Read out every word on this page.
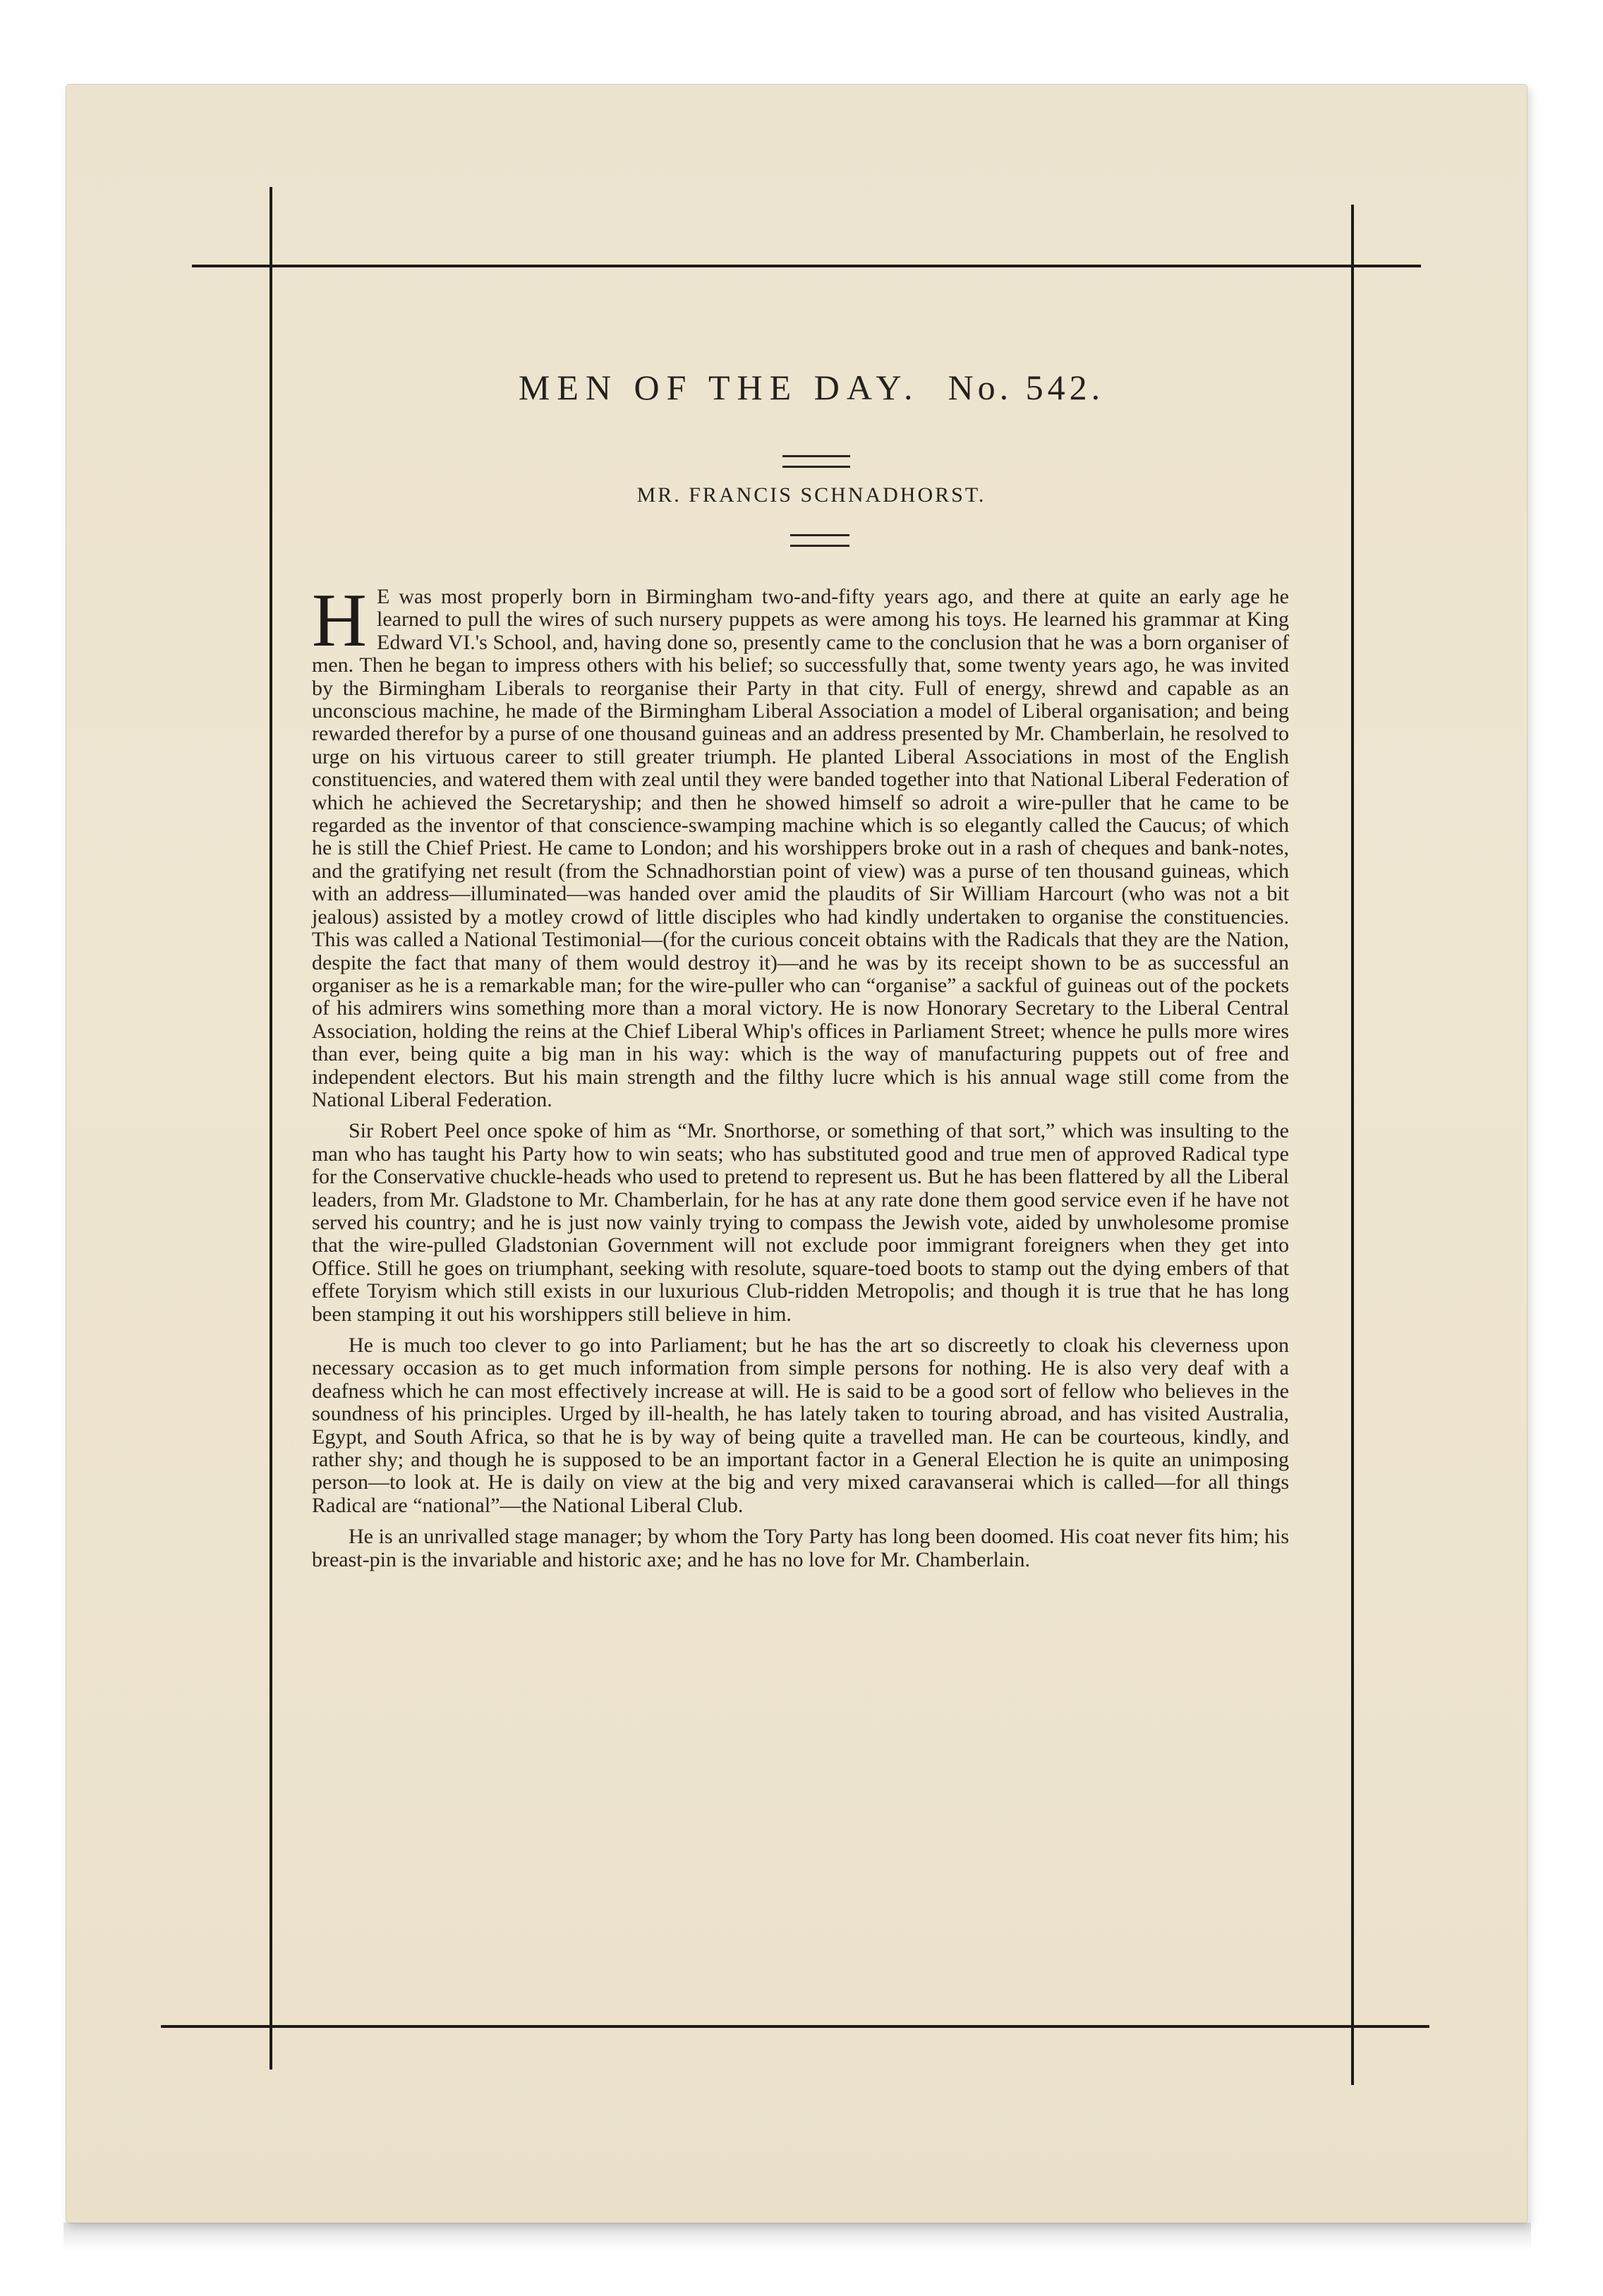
MEN OF THE DAY. No. 542.
MR. FRANCIS SCHNADHORST.

H E was most properly born in Birmingham two-and-fifty years ago, and there at quite an early age he learned to pull the wires of such nursery puppets as were among his toys. He learned his grammar at King Edward VI.'s School, and, having done so, presently came to the conclusion that he was a born organiser of men. Then he began to impress others with his belief; so successfully that, some twenty years ago, he was invited by the Birmingham Liberals to reorganise their Party in that city. Full of energy, shrewd and capable as an unconscious machine, he made of the Birmingham Liberal Association a model of Liberal organisation; and being rewarded therefor by a purse of one thousand guineas and an address presented by Mr. Chamberlain, he resolved to urge on his virtuous career to still greater triumph. He planted Liberal Associations in most of the English constituencies, and watered them with zeal until they were banded together into that National Liberal Federation of which he achieved the Secretaryship; and then he showed himself so adroit a wire-puller that he came to be regarded as the inventor of that conscience-swamping machine which is so elegantly called the Caucus; of which he is still the Chief Priest. He came to London; and his worshippers broke out in a rash of cheques and bank-notes, and the gratifying net result (from the Schnadhorstian point of view) was a purse of ten thousand guineas, which with an address—illuminated—was handed over amid the plaudits of Sir William Harcourt (who was not a bit jealous) assisted by a motley crowd of little disciples who had kindly undertaken to organise the constituencies. This was called a National Testimonial—(for the curious conceit obtains with the Radicals that they are the Nation, despite the fact that many of them would destroy it)—and he was by its receipt shown to be as successful an organiser as he is a remarkable man; for the wire-puller who can “organise” a sackful of guineas out of the pockets of his admirers wins something more than a moral victory. He is now Honorary Secretary to the Liberal Central Association, holding the reins at the Chief Liberal Whip's offices in Parliament Street; whence he pulls more wires than ever, being quite a big man in his way: which is the way of manufacturing puppets out of free and independent electors. But his main strength and the filthy lucre which is his annual wage still come from the National Liberal Federation.

Sir Robert Peel once spoke of him as “Mr. Snorthorse, or something of that sort,” which was insulting to the man who has taught his Party how to win seats; who has substituted good and true men of approved Radical type for the Conservative chuckle-heads who used to pretend to represent us. But he has been flattered by all the Liberal leaders, from Mr. Gladstone to Mr. Chamberlain, for he has at any rate done them good service even if he have not served his country; and he is just now vainly trying to compass the Jewish vote, aided by unwholesome promise that the wire-pulled Gladstonian Government will not exclude poor immigrant foreigners when they get into Office. Still he goes on triumphant, seeking with resolute, square-toed boots to stamp out the dying embers of that effete Toryism which still exists in our luxurious Club-ridden Metropolis; and though it is true that he has long been stamping it out his worshippers still believe in him.

He is much too clever to go into Parliament; but he has the art so discreetly to cloak his cleverness upon necessary occasion as to get much information from simple persons for nothing. He is also very deaf with a deafness which he can most effectively increase at will. He is said to be a good sort of fellow who believes in the soundness of his principles. Urged by ill-health, he has lately taken to touring abroad, and has visited Australia, Egypt, and South Africa, so that he is by way of being quite a travelled man. He can be courteous, kindly, and rather shy; and though he is supposed to be an important factor in a General Election he is quite an unimposing person—to look at. He is daily on view at the big and very mixed caravanserai which is called—for all things Radical are “national”—the National Liberal Club.

He is an unrivalled stage manager; by whom the Tory Party has long been doomed. His coat never fits him; his breast-pin is the invariable and historic axe; and he has no love for Mr. Chamberlain.
